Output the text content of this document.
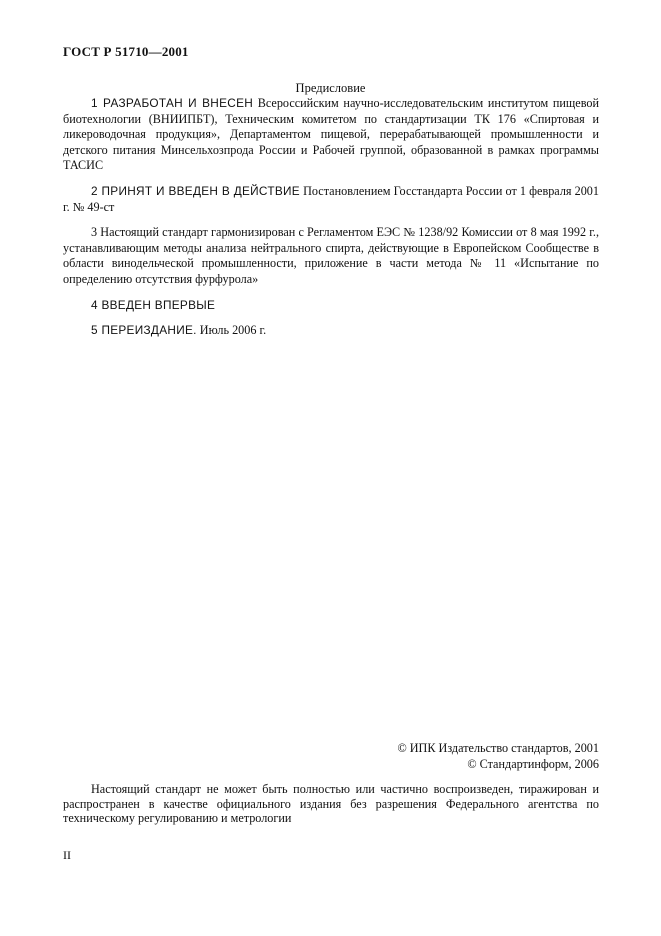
ГОСТ Р 51710—2001
Предисловие

1 РАЗРАБОТАН И ВНЕСЕН Всероссийским научно-исследовательским институтом пищевой биотехнологии (ВНИИПБТ), Техническим комитетом по стандартизации ТК 176 «Спиртовая и ликероводочная продукция», Департаментом пищевой, перерабатывающей промышленности и детского питания Минсельхозпрода России и Рабочей группой, образованной в рамках программы ТАСИС

2 ПРИНЯТ И ВВЕДЕН В ДЕЙСТВИЕ Постановлением Госстандарта России от 1 февраля 2001 г. № 49-ст

3 Настоящий стандарт гармонизирован с Регламентом ЕЭС № 1238/92 Комиссии от 8 мая 1992 г., устанавливающим методы анализа нейтрального спирта, действующие в Европейском Сообществе в области винодельческой промышленности, приложение в части метода № 11 «Испытание по определению отсутствия фурфурола»

4 ВВЕДЕН ВПЕРВЫЕ

5 ПЕРЕИЗДАНИЕ. Июль 2006 г.

© ИПК Издательство стандартов, 2001
© Стандартинформ, 2006

Настоящий стандарт не может быть полностью или частично воспроизведен, тиражирован и распространен в качестве официального издания без разрешения Федерального агентства по техническому регулированию и метрологии

II
